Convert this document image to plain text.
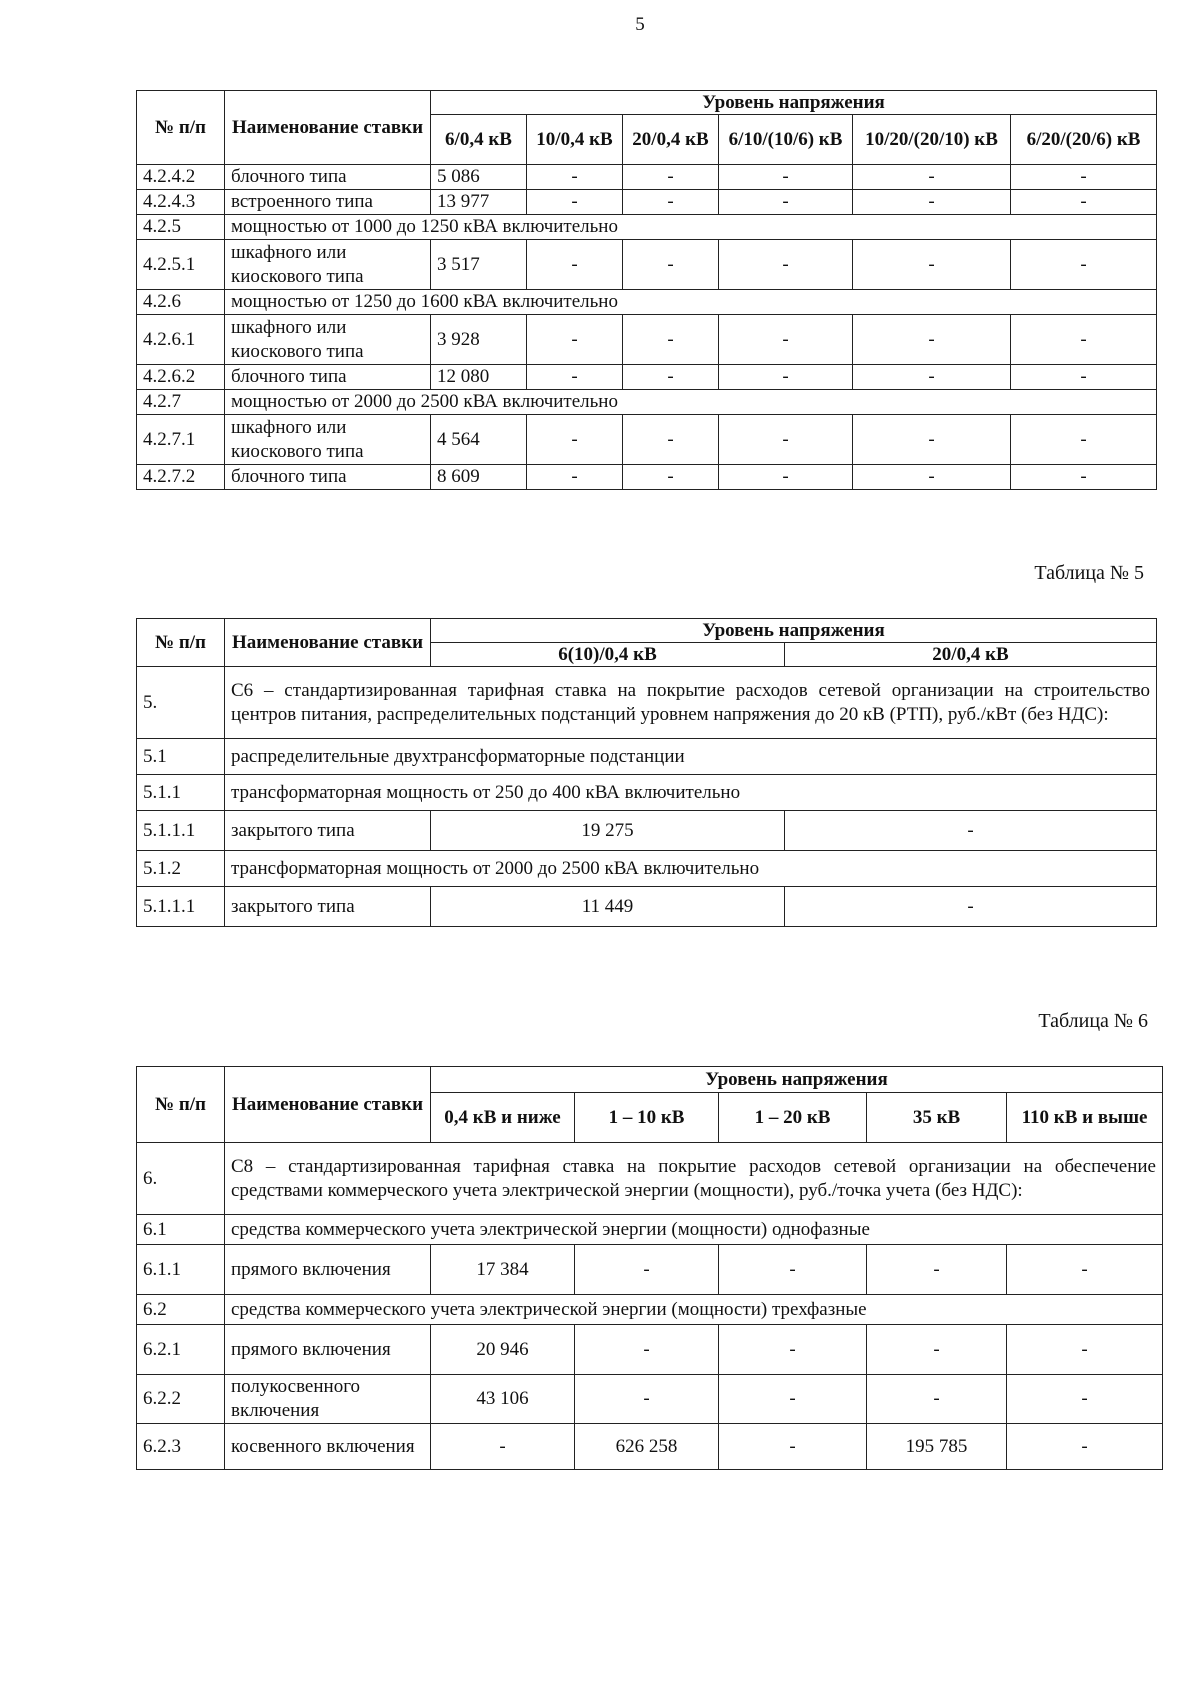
5
№ п/п	Наименование ставки	Уровень напряжения					
		6/0,4 кВ	10/0,4 кВ	20/0,4 кВ	6/10/(10/6) кВ	10/20/(20/10) кВ	6/20/(20/6) кВ
4.2.4.2	блочного типа	5 086	-	-	-	-	-
4.2.4.3	встроенного типа	13 977	-	-	-	-	-
4.2.5	мощностью от 1000 до 1250 кВА включительно						
4.2.5.1	шкафного или киоскового типа	3 517	-	-	-	-	-
4.2.6	мощностью от 1250 до 1600 кВА включительно						
4.2.6.1	шкафного или киоскового типа	3 928	-	-	-	-	-
4.2.6.2	блочного типа	12 080	-	-	-	-	-
4.2.7	мощностью от 2000 до 2500 кВА включительно						
4.2.7.1	шкафного или киоскового типа	4 564	-	-	-	-	-
4.2.7.2	блочного типа	8 609	-	-	-	-	-
Таблица № 5
№ п/п	Наименование ставки	Уровень напряжения	
		6(10)/0,4 кВ	20/0,4 кВ
5.	С6 – стандартизированная тарифная ставка на покрытие расходов сетевой организации на строительство центров питания, распределительных подстанций уровнем напряжения до 20 кВ (РТП), руб./кВт (без НДС):		
5.1	распределительные двухтрансформаторные подстанции		
5.1.1	трансформаторная мощность от 250 до 400 кВА включительно		
5.1.1.1	закрытого типа	19 275	-
5.1.2	трансформаторная мощность от 2000 до 2500 кВА включительно		
5.1.1.1	закрытого типа	11 449	-
Таблица № 6
№ п/п	Наименование ставки	Уровень напряжения				
		0,4 кВ и ниже	1 – 10 кВ	1 – 20 кВ	35 кВ	110 кВ и выше
6.	С8 – стандартизированная тарифная ставка на покрытие расходов сетевой организации на обеспечение средствами коммерческого учета электрической энергии (мощности), руб./точка учета (без НДС):					
6.1	средства коммерческого учета электрической энергии (мощности) однофазные					
6.1.1	прямого включения	17 384	-	-	-	-
6.2	средства коммерческого учета электрической энергии (мощности) трехфазные					
6.2.1	прямого включения	20 946	-	-	-	-
6.2.2	полукосвенного включения	43 106	-	-	-	-
6.2.3	косвенного включения	-	626 258	-	195 785	-
